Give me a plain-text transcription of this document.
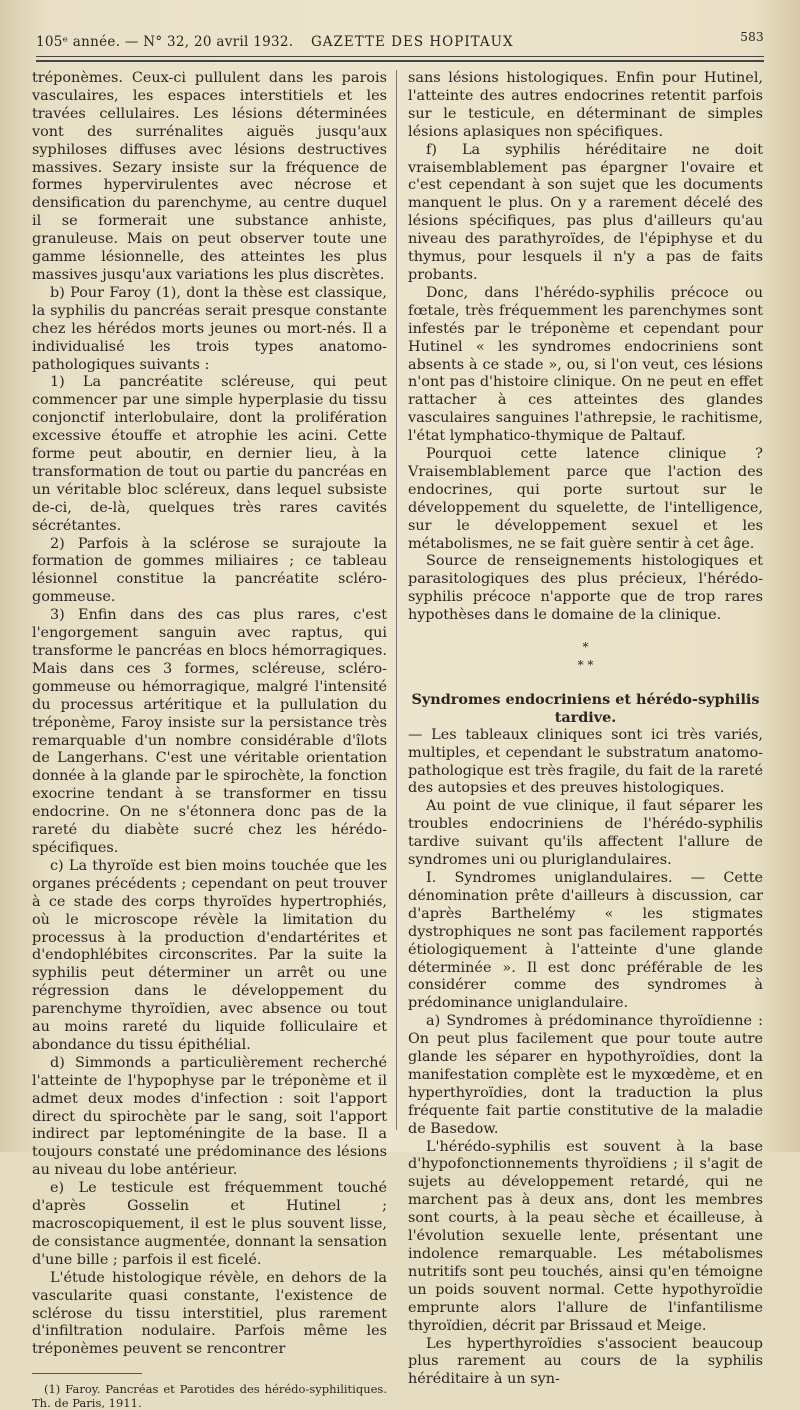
105ᵉ année. — N° 32, 20 avril 1932. GAZETTE DES HOPITAUX	583

tréponèmes. Ceux-ci pullulent dans les parois vasculaires, les espaces interstitiels et les travées cellulaires. Les lésions déterminées vont des surrénalites aiguës jusqu'aux syphiloses diffuses avec lésions destructives massives. Sezary insiste sur la fréquence de formes hypervirulentes avec nécrose et densification du parenchyme, au centre duquel il se formerait une substance anhiste, granuleuse. Mais on peut observer toute une gamme lésionnelle, des atteintes les plus massives jusqu'aux variations les plus discrètes.

b) Pour Faroy (1), dont la thèse est classique, la syphilis du pancréas serait presque constante chez les hérédos morts jeunes ou mort-nés. Il a individualisé les trois types anatomo-pathologiques suivants :

1) La pancréatite scléreuse, qui peut commencer par une simple hyperplasie du tissu conjonctif interlobulaire, dont la prolifération excessive étouffe et atrophie les acini. Cette forme peut aboutir, en dernier lieu, à la transformation de tout ou partie du pancréas en un véritable bloc scléreux, dans lequel subsiste de-ci, de-là, quelques très rares cavités sécrétantes.

2) Parfois à la sclérose se surajoute la formation de gommes miliaires ; ce tableau lésionnel constitue la pancréatite scléro-gommeuse.

3) Enfin dans des cas plus rares, c'est l'engorgement sanguin avec raptus, qui transforme le pancréas en blocs hémorragiques. Mais dans ces 3 formes, scléreuse, scléro-gommeuse ou hémorragique, malgré l'intensité du processus artéritique et la pullulation du tréponème, Faroy insiste sur la persistance très remarquable d'un nombre considérable d'îlots de Langerhans. C'est une véritable orientation donnée à la glande par le spirochète, la fonction exocrine tendant à se transformer en tissu endocrine. On ne s'étonnera donc pas de la rareté du diabète sucré chez les hérédo-spécifiques.

c) La thyroïde est bien moins touchée que les organes précédents ; cependant on peut trouver à ce stade des corps thyroïdes hypertrophiés, où le microscope révèle la limitation du processus à la production d'endartérites et d'endophlébites circonscrites. Par la suite la syphilis peut déterminer un arrêt ou une régression dans le développement du parenchyme thyroïdien, avec absence ou tout au moins rareté du liquide folliculaire et abondance du tissu épithélial.

d) Simmonds a particulièrement recherché l'atteinte de l'hypophyse par le tréponème et il admet deux modes d'infection : soit l'apport direct du spirochète par le sang, soit l'apport indirect par leptoméningite de la base. Il a toujours constaté une prédominance des lésions au niveau du lobe antérieur.

e) Le testicule est fréquemment touché d'après Gosselin et Hutinel ; macroscopiquement, il est le plus souvent lisse, de consistance augmentée, donnant la sensation d'une bille ; parfois il est ficelé.

L'étude histologique révèle, en dehors de la vascularite quasi constante, l'existence de sclérose du tissu interstitiel, plus rarement d'infiltration nodulaire. Parfois même les tréponèmes peuvent se rencontrer

(1) Faroy. Pancréas et Parotides des hérédo-syphilitiques. Th. de Paris, 1911.

sans lésions histologiques. Enfin pour Hutinel, l'atteinte des autres endocrines retentit parfois sur le testicule, en déterminant de simples lésions aplasiques non spécifiques.

f) La syphilis héréditaire ne doit vraisemblablement pas épargner l'ovaire et c'est cependant à son sujet que les documents manquent le plus. On y a rarement décelé des lésions spécifiques, pas plus d'ailleurs qu'au niveau des parathyroïdes, de l'épiphyse et du thymus, pour lesquels il n'y a pas de faits probants.

Donc, dans l'hérédo-syphilis précoce ou fœtale, très fréquemment les parenchymes sont infestés par le tréponème et cependant pour Hutinel « les syndromes endocriniens sont absents à ce stade », ou, si l'on veut, ces lésions n'ont pas d'histoire clinique. On ne peut en effet rattacher à ces atteintes des glandes vasculaires sanguines l'athrepsie, le rachitisme, l'état lymphatico-thymique de Paltauf.

Pourquoi cette latence clinique ? Vraisemblablement parce que l'action des endocrines, qui porte surtout sur le développement du squelette, de l'intelligence, sur le développement sexuel et les métabolismes, ne se fait guère sentir à cet âge.

Source de renseignements histologiques et parasitologiques des plus précieux, l'hérédo-syphilis précoce n'apporte que de trop rares hypothèses dans le domaine de la clinique.

*
* *

Syndromes endocriniens et hérédo-syphilis tardive.

— Les tableaux cliniques sont ici très variés, multiples, et cependant le substratum anatomo-pathologique est très fragile, du fait de la rareté des autopsies et des preuves histologiques.

Au point de vue clinique, il faut séparer les troubles endocriniens de l'hérédo-syphilis tardive suivant qu'ils affectent l'allure de syndromes uni ou pluriglandulaires.

I. Syndromes uniglandulaires. — Cette dénomination prête d'ailleurs à discussion, car d'après Barthelémy « les stigmates dystrophiques ne sont pas facilement rapportés étiologiquement à l'atteinte d'une glande déterminée ». Il est donc préférable de les considérer comme des syndromes à prédominance uniglandulaire.

a) Syndromes à prédominance thyroïdienne : On peut plus facilement que pour toute autre glande les séparer en hypothyroïdies, dont la manifestation complète est le myxœdème, et en hyperthyroïdies, dont la traduction la plus fréquente fait partie constitutive de la maladie de Basedow.

L'hérédo-syphilis est souvent à la base d'hypofonctionnements thyroïdiens ; il s'agit de sujets au développement retardé, qui ne marchent pas à deux ans, dont les membres sont courts, à la peau sèche et écailleuse, à l'évolution sexuelle lente, présentant une indolence remarquable. Les métabolismes nutritifs sont peu touchés, ainsi qu'en témoigne un poids souvent normal. Cette hypothyroïdie emprunte alors l'allure de l'infantilisme thyroïdien, décrit par Brissaud et Meige.

Les hyperthyroïdies s'associent beaucoup plus rarement au cours de la syphilis héréditaire à un syn-
